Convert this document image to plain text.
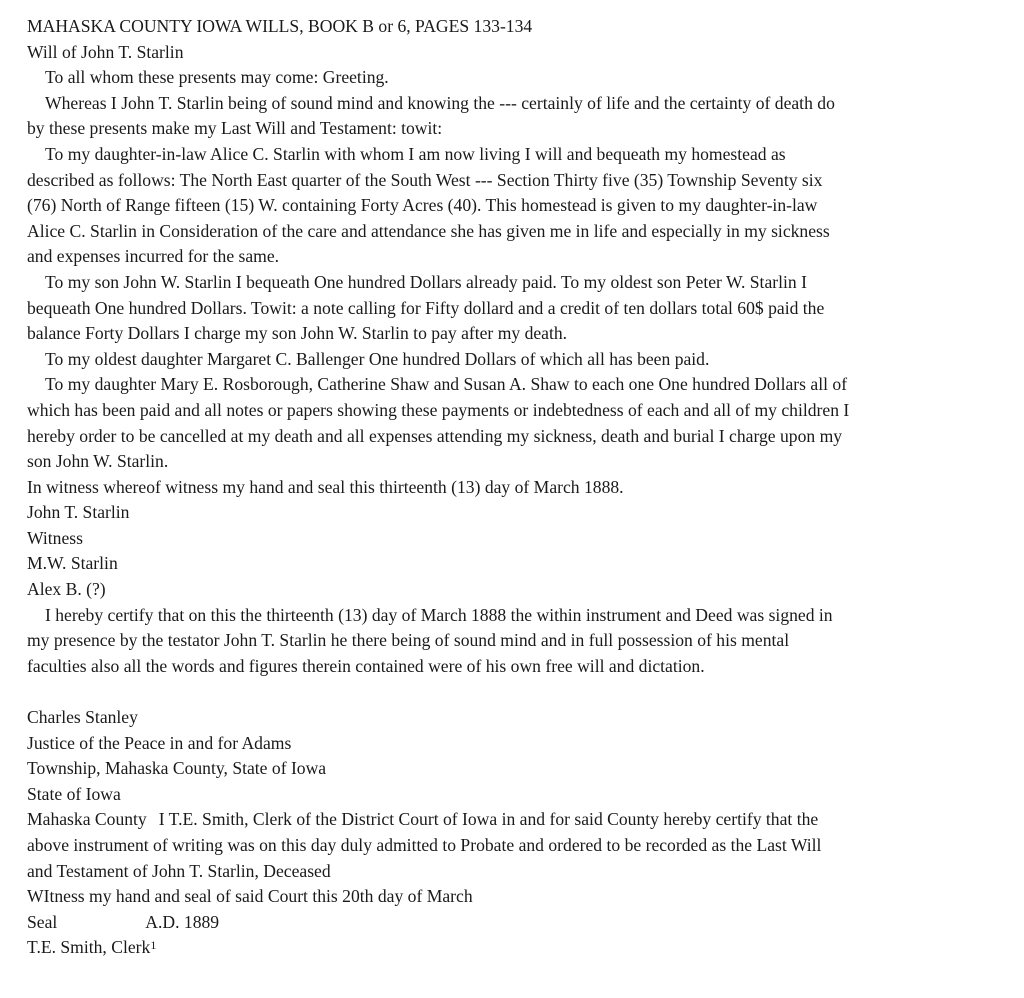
MAHASKA COUNTY IOWA WILLS, BOOK B or 6, PAGES 133-134
Will of John T. Starlin
To all whom these presents may come: Greeting.
Whereas I John T. Starlin being of sound mind and knowing the --- certainly of life and the certainty of death do
by these presents make my Last Will and Testament: towit:
To my daughter-in-law Alice C. Starlin with whom I am now living I will and bequeath my homestead as
described as follows: The North East quarter of the South West --- Section Thirty five (35) Township Seventy six
(76) North of Range fifteen (15) W. containing Forty Acres (40). This homestead is given to my daughter-in-law
Alice C. Starlin in Consideration of the care and attendance she has given me in life and especially in my sickness
and expenses incurred for the same.
To my son John W. Starlin I bequeath One hundred Dollars already paid. To my oldest son Peter W. Starlin I
bequeath One hundred Dollars. Towit: a note calling for Fifty dollard and a credit of ten dollars total 60$ paid the
balance Forty Dollars I charge my son John W. Starlin to pay after my death.
To my oldest daughter Margaret C. Ballenger One hundred Dollars of which all has been paid.
To my daughter Mary E. Rosborough, Catherine Shaw and Susan A. Shaw to each one One hundred Dollars all of
which has been paid and all notes or papers showing these payments or indebtedness of each and all of my children I
hereby order to be cancelled at my death and all expenses attending my sickness, death and burial I charge upon my
son John W. Starlin.
In witness whereof witness my hand and seal this thirteenth (13) day of March 1888.
John T. Starlin
Witness
M.W. Starlin
Alex B. (?)
I hereby certify that on this the thirteenth (13) day of March 1888 the within instrument and Deed was signed in
my presence by the testator John T. Starlin he there being of sound mind and in full possession of his mental
faculties also all the words and figures therein contained were of his own free will and dictation.
Charles Stanley
Justice of the Peace in and for Adams
Township, Mahaska County, State of Iowa
State of Iowa
Mahaska County I T.E. Smith, Clerk of the District Court of Iowa in and for said County hereby certify that the
above instrument of writing was on this day duly admitted to Probate and ordered to be recorded as the Last Will
and Testament of John T. Starlin, Deceased
WItness my hand and seal of said Court this 20th day of March
Seal	A.D. 1889
T.E. Smith, Clerk$^1$
